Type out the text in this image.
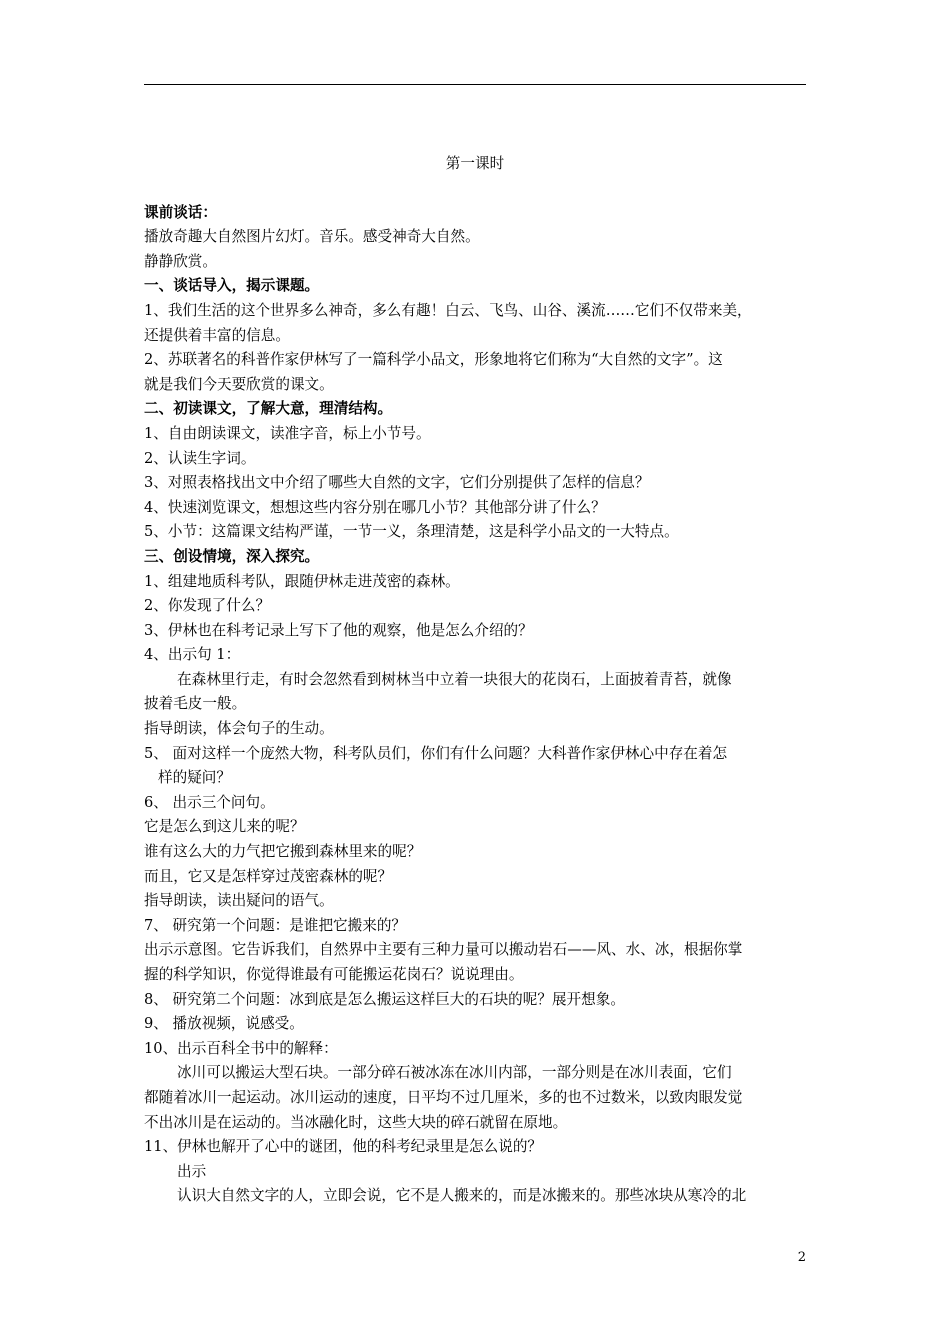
第一课时
课前谈话：
播放奇趣大自然图片幻灯。音乐。感受神奇大自然。
静静欣赏。
一、谈话导入，揭示课题。
1、我们生活的这个世界多么神奇，多么有趣！白云、飞鸟、山谷、溪流……它们不仅带来美，
还提供着丰富的信息。
2、苏联著名的科普作家伊林写了一篇科学小品文，形象地将它们称为“大自然的文字”。这
就是我们今天要欣赏的课文。
二、初读课文，了解大意，理清结构。
1、自由朗读课文，读准字音，标上小节号。
2、认读生字词。
3、对照表格找出文中介绍了哪些大自然的文字，它们分别提供了怎样的信息？
4、快速浏览课文，想想这些内容分别在哪几小节？其他部分讲了什么？
5、小节：这篇课文结构严谨，一节一义，条理清楚，这是科学小品文的一大特点。
三、创设情境，深入探究。
1、组建地质科考队，跟随伊林走进茂密的森林。
2、你发现了什么？
3、伊林也在科考记录上写下了他的观察，他是怎么介绍的？
4、出示句 1：
在森林里行走，有时会忽然看到树林当中立着一块很大的花岗石，上面披着青苔，就像
披着毛皮一般。
指导朗读，体会句子的生动。
5、 面对这样一个庞然大物，科考队员们，你们有什么问题？大科普作家伊林心中存在着怎
样的疑问？
6、 出示三个问句。
它是怎么到这儿来的呢？
谁有这么大的力气把它搬到森林里来的呢？
而且，它又是怎样穿过茂密森林的呢？
指导朗读，读出疑问的语气。
7、 研究第一个问题：是谁把它搬来的？
出示示意图。它告诉我们，自然界中主要有三种力量可以搬动岩石——风、水、冰，根据你掌
握的科学知识，你觉得谁最有可能搬运花岗石？说说理由。
8、 研究第二个问题：冰到底是怎么搬运这样巨大的石块的呢？展开想象。
9、 播放视频，说感受。
10、出示百科全书中的解释：
冰川可以搬运大型石块。一部分碎石被冰冻在冰川内部，一部分则是在冰川表面，它们
都随着冰川一起运动。冰川运动的速度，日平均不过几厘米，多的也不过数米，以致肉眼发觉
不出冰川是在运动的。当冰融化时，这些大块的碎石就留在原地。
11、伊林也解开了心中的谜团，他的科考纪录里是怎么说的？
出示
认识大自然文字的人，立即会说，它不是人搬来的，而是冰搬来的。那些冰块从寒冷的北
2
